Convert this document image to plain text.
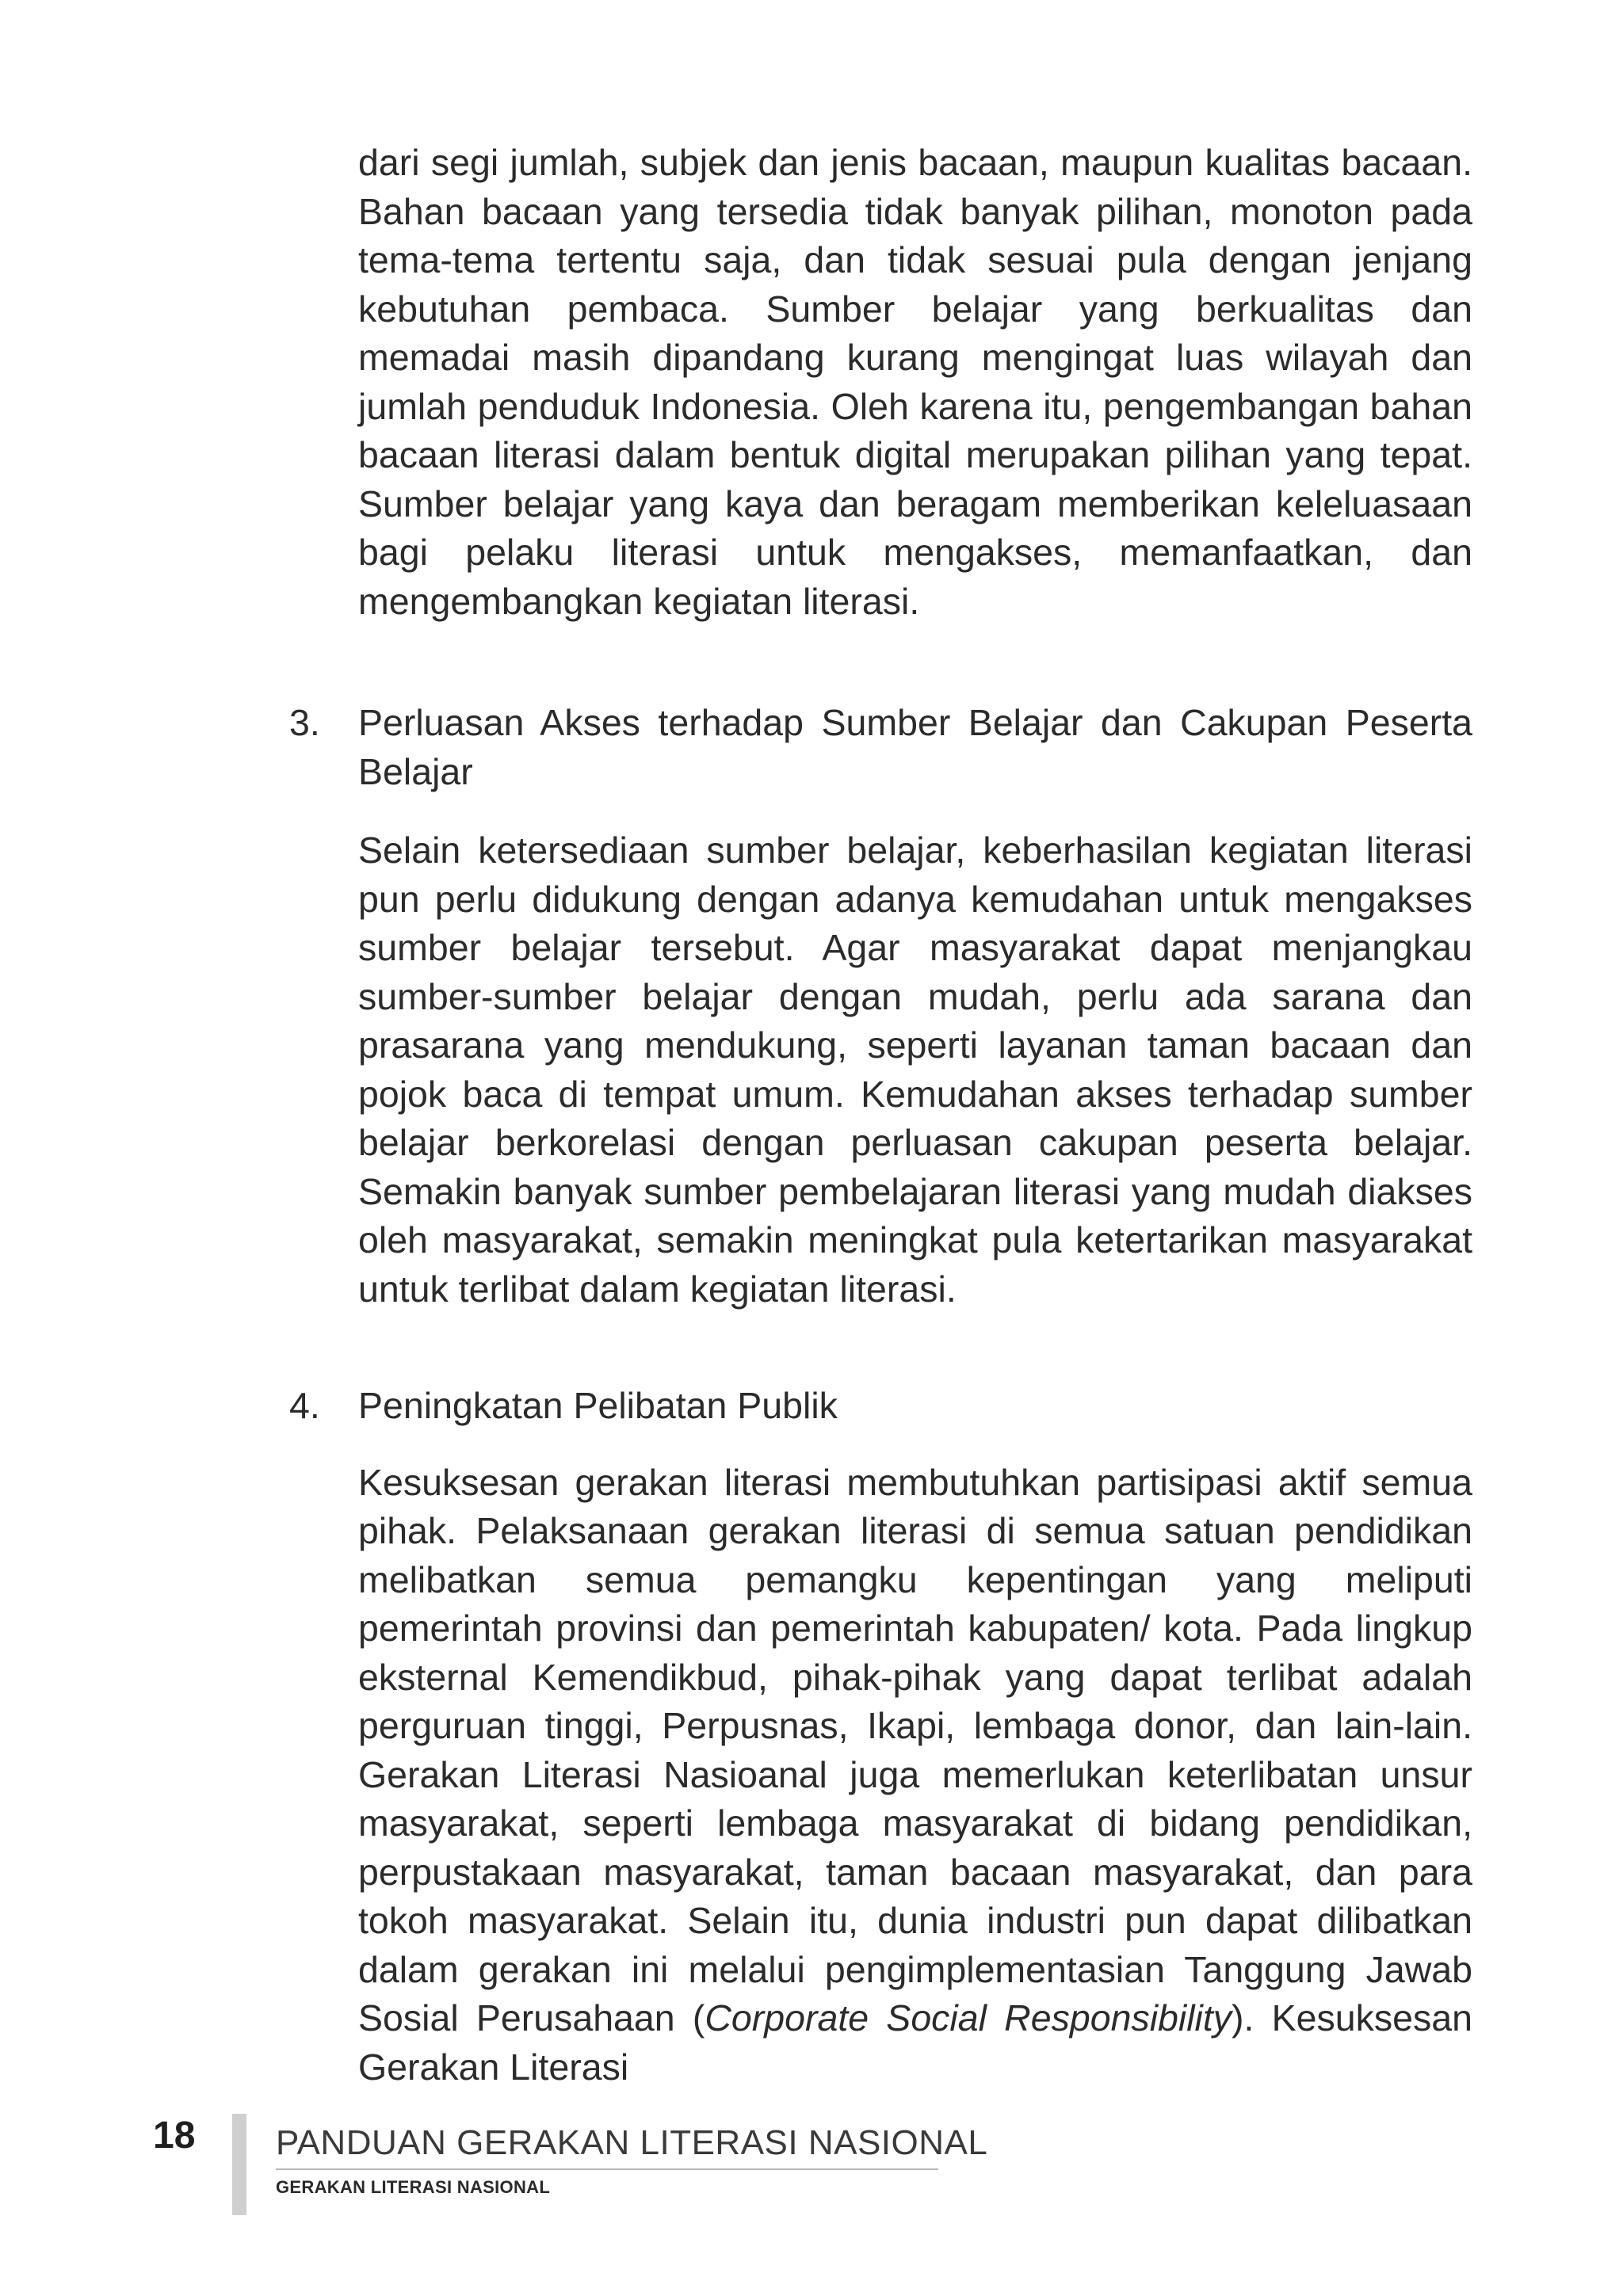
dari segi jumlah, subjek dan jenis bacaan, maupun kualitas bacaan. Bahan bacaan yang tersedia tidak banyak pilihan, monoton pada tema-tema tertentu saja, dan tidak sesuai pula dengan jenjang kebutuhan pembaca. Sumber belajar yang berkualitas dan memadai masih dipandang kurang mengingat luas wilayah dan jumlah penduduk Indonesia. Oleh karena itu, pengembangan bahan bacaan literasi dalam bentuk digital merupakan pilihan yang tepat. Sumber belajar yang kaya dan beragam memberikan keleluasaan bagi pelaku literasi untuk mengakses, memanfaatkan, dan mengembangkan kegiatan literasi.

3.	Perluasan Akses terhadap Sumber Belajar dan Cakupan Peserta Belajar

Selain ketersediaan sumber belajar, keberhasilan kegiatan literasi pun perlu didukung dengan adanya kemudahan untuk mengakses sumber belajar tersebut. Agar masyarakat dapat menjangkau sumber-sumber belajar dengan mudah, perlu ada sarana dan prasarana yang mendukung, seperti layanan taman bacaan dan pojok baca di tempat umum. Kemudahan akses terhadap sumber belajar berkorelasi dengan perluasan cakupan peserta belajar. Semakin banyak sumber pembelajaran literasi yang mudah diakses oleh masyarakat, semakin meningkat pula ketertarikan masyarakat untuk terlibat dalam kegiatan literasi.

4.	Peningkatan Pelibatan Publik

Kesuksesan gerakan literasi membutuhkan partisipasi aktif semua pihak. Pelaksanaan gerakan literasi di semua satuan pendidikan melibatkan semua pemangku kepentingan yang meliputi pemerintah provinsi dan pemerintah kabupaten/ kota. Pada lingkup eksternal Kemendikbud, pihak-pihak yang dapat terlibat adalah perguruan tinggi, Perpusnas, Ikapi, lembaga donor, dan lain-lain. Gerakan Literasi Nasioanal juga memerlukan keterlibatan unsur masyarakat, seperti lembaga masyarakat di bidang pendidikan, perpustakaan masyarakat, taman bacaan masyarakat, dan para tokoh masyarakat. Selain itu, dunia industri pun dapat dilibatkan dalam gerakan ini melalui pengimplementasian Tanggung Jawab Sosial Perusahaan (Corporate Social Responsibility). Kesuksesan Gerakan Literasi

18 PANDUAN GERAKAN LITERASI NASIONAL
GERAKAN LITERASI NASIONAL
